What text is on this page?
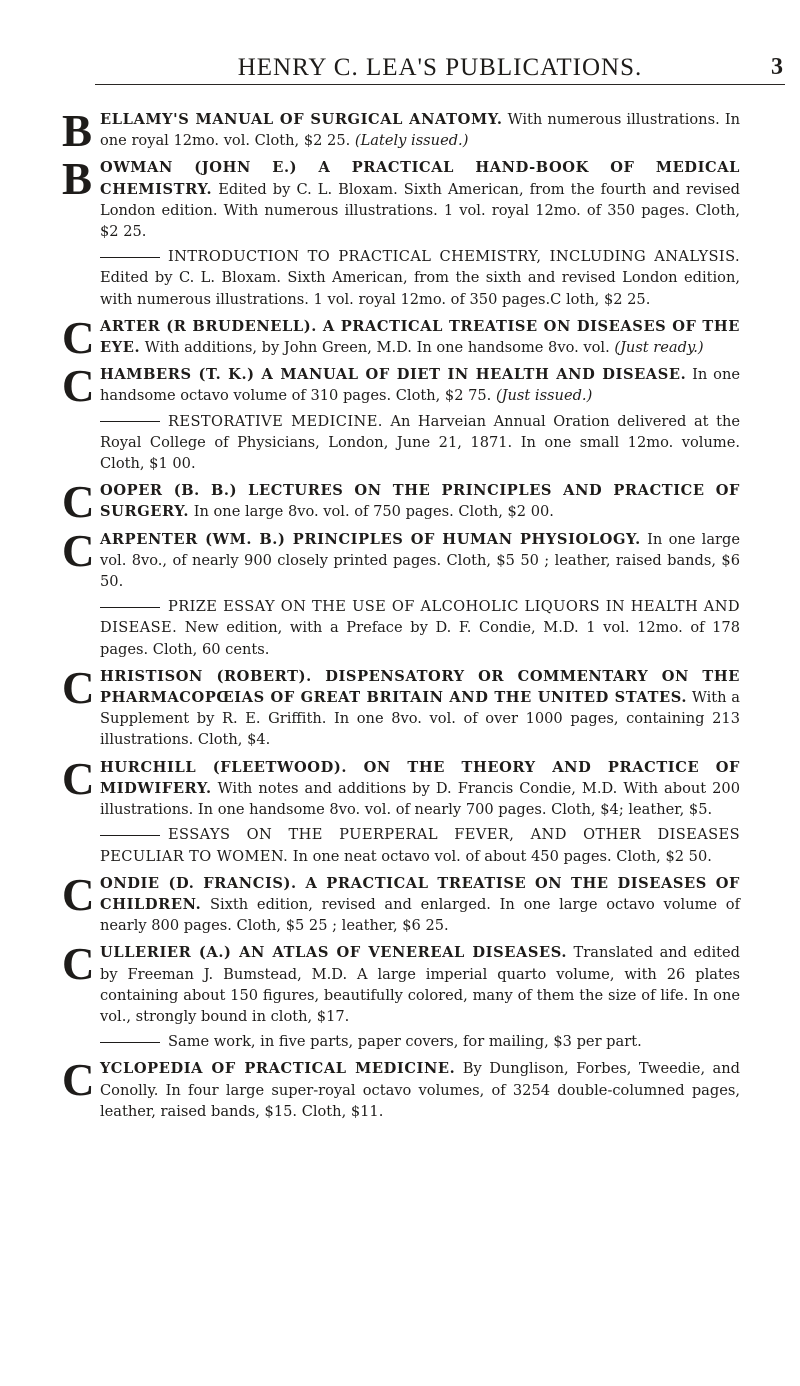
HENRY C. LEA'S PUBLICATIONS.	3

B ELLAMY'S MANUAL OF SURGICAL ANATOMY. With numerous illustrations. In one royal 12mo. vol. Cloth, $2 25. (Lately issued.)

B OWMAN (JOHN E.) A PRACTICAL HAND-BOOK OF MEDICAL CHEMISTRY. Edited by C. L. Bloxam. Sixth American, from the fourth and revised London edition. With numerous illustrations. 1 vol. royal 12mo. of 350 pages. Cloth, $2 25.

INTRODUCTION TO PRACTICAL CHEMISTRY, INCLUDING ANALYSIS. Edited by C. L. Bloxam. Sixth American, from the sixth and revised London edition, with numerous illustrations. 1 vol. royal 12mo. of 350 pages.C loth, $2 25.

C ARTER (R BRUDENELL). A PRACTICAL TREATISE ON DISEASES OF THE EYE. With additions, by John Green, M.D. In one handsome 8vo. vol. (Just ready.)

C HAMBERS (T. K.) A MANUAL OF DIET IN HEALTH AND DISEASE. In one handsome octavo volume of 310 pages. Cloth, $2 75. (Just issued.)

RESTORATIVE MEDICINE. An Harveian Annual Oration delivered at the Royal College of Physicians, London, June 21, 1871. In one small 12mo. volume. Cloth, $1 00.

C OOPER (B. B.) LECTURES ON THE PRINCIPLES AND PRACTICE OF SURGERY. In one large 8vo. vol. of 750 pages. Cloth, $2 00.

C ARPENTER (WM. B.) PRINCIPLES OF HUMAN PHYSIOLOGY. In one large vol. 8vo., of nearly 900 closely printed pages. Cloth, $5 50 ; leather, raised bands, $6 50.

PRIZE ESSAY ON THE USE OF ALCOHOLIC LIQUORS IN HEALTH AND DISEASE. New edition, with a Preface by D. F. Condie, M.D. 1 vol. 12mo. of 178 pages. Cloth, 60 cents.

C HRISTISON (ROBERT). DISPENSATORY OR COMMENTARY ON THE PHARMACOPŒIAS OF GREAT BRITAIN AND THE UNITED STATES. With a Supplement by R. E. Griffith. In one 8vo. vol. of over 1000 pages, containing 213 illustrations. Cloth, $4.

C HURCHILL (FLEETWOOD). ON THE THEORY AND PRACTICE OF MIDWIFERY. With notes and additions by D. Francis Condie, M.D. With about 200 illustrations. In one handsome 8vo. vol. of nearly 700 pages. Cloth, $4; leather, $5.

ESSAYS ON THE PUERPERAL FEVER, AND OTHER DISEASES PECULIAR TO WOMEN. In one neat octavo vol. of about 450 pages. Cloth, $2 50.

C ONDIE (D. FRANCIS). A PRACTICAL TREATISE ON THE DISEASES OF CHILDREN. Sixth edition, revised and enlarged. In one large octavo volume of nearly 800 pages. Cloth, $5 25 ; leather, $6 25.

C ULLERIER (A.) AN ATLAS OF VENEREAL DISEASES. Translated and edited by Freeman J. Bumstead, M.D. A large imperial quarto volume, with 26 plates containing about 150 figures, beautifully colored, many of them the size of life. In one vol., strongly bound in cloth, $17.

Same work, in five parts, paper covers, for mailing, $3 per part.

C YCLOPEDIA OF PRACTICAL MEDICINE. By Dunglison, Forbes, Tweedie, and Conolly. In four large super-royal octavo volumes, of 3254 double-columned pages, leather, raised bands, $15. Cloth, $11.
